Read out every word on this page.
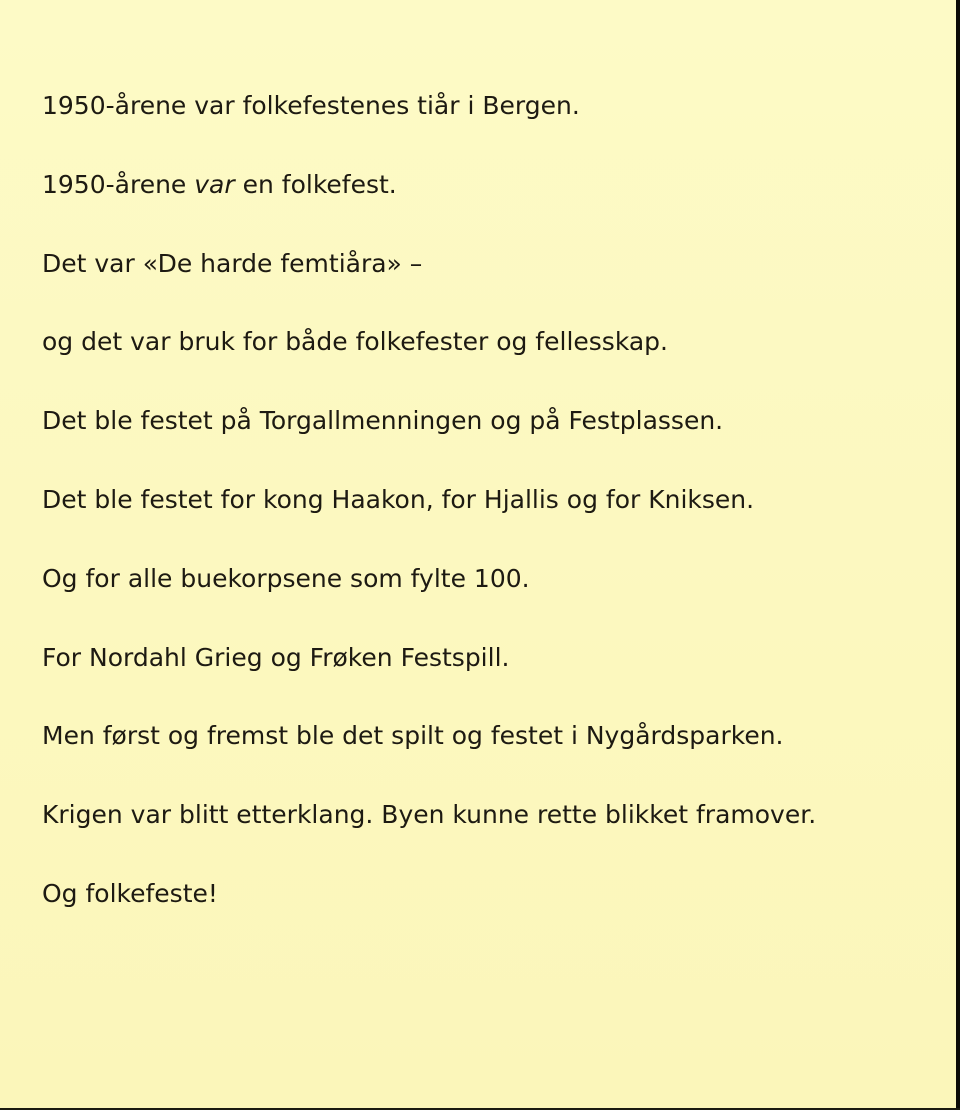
1950-årene var folkefestenes tiår i Bergen.

1950-årene var en folkefest.

Det var «De harde femtiåra» –

og det var bruk for både folkefester og fellesskap.

Det ble festet på Torgallmenningen og på Festplassen.

Det ble festet for kong Haakon, for Hjallis og for Kniksen.

Og for alle buekorpsene som fylte 100.

For Nordahl Grieg og Frøken Festspill.

Men først og fremst ble det spilt og festet i Nygårdsparken.

Krigen var blitt etterklang. Byen kunne rette blikket framover.

Og folkefeste!
